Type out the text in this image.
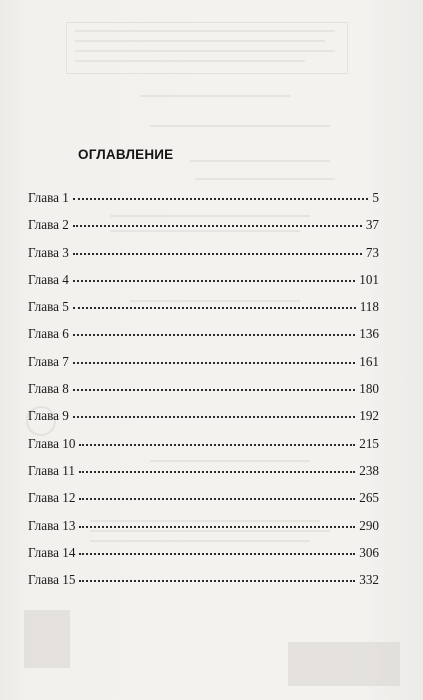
ОГЛАВЛЕНИЕ
Глава 1	5
Глава 2	37
Глава 3	73
Глава 4	101
Глава 5	118
Глава 6	136
Глава 7	161
Глава 8	180
Глава 9	192
Глава 10	215
Глава 11	238
Глава 12	265
Глава 13	290
Глава 14	306
Глава 15	332
